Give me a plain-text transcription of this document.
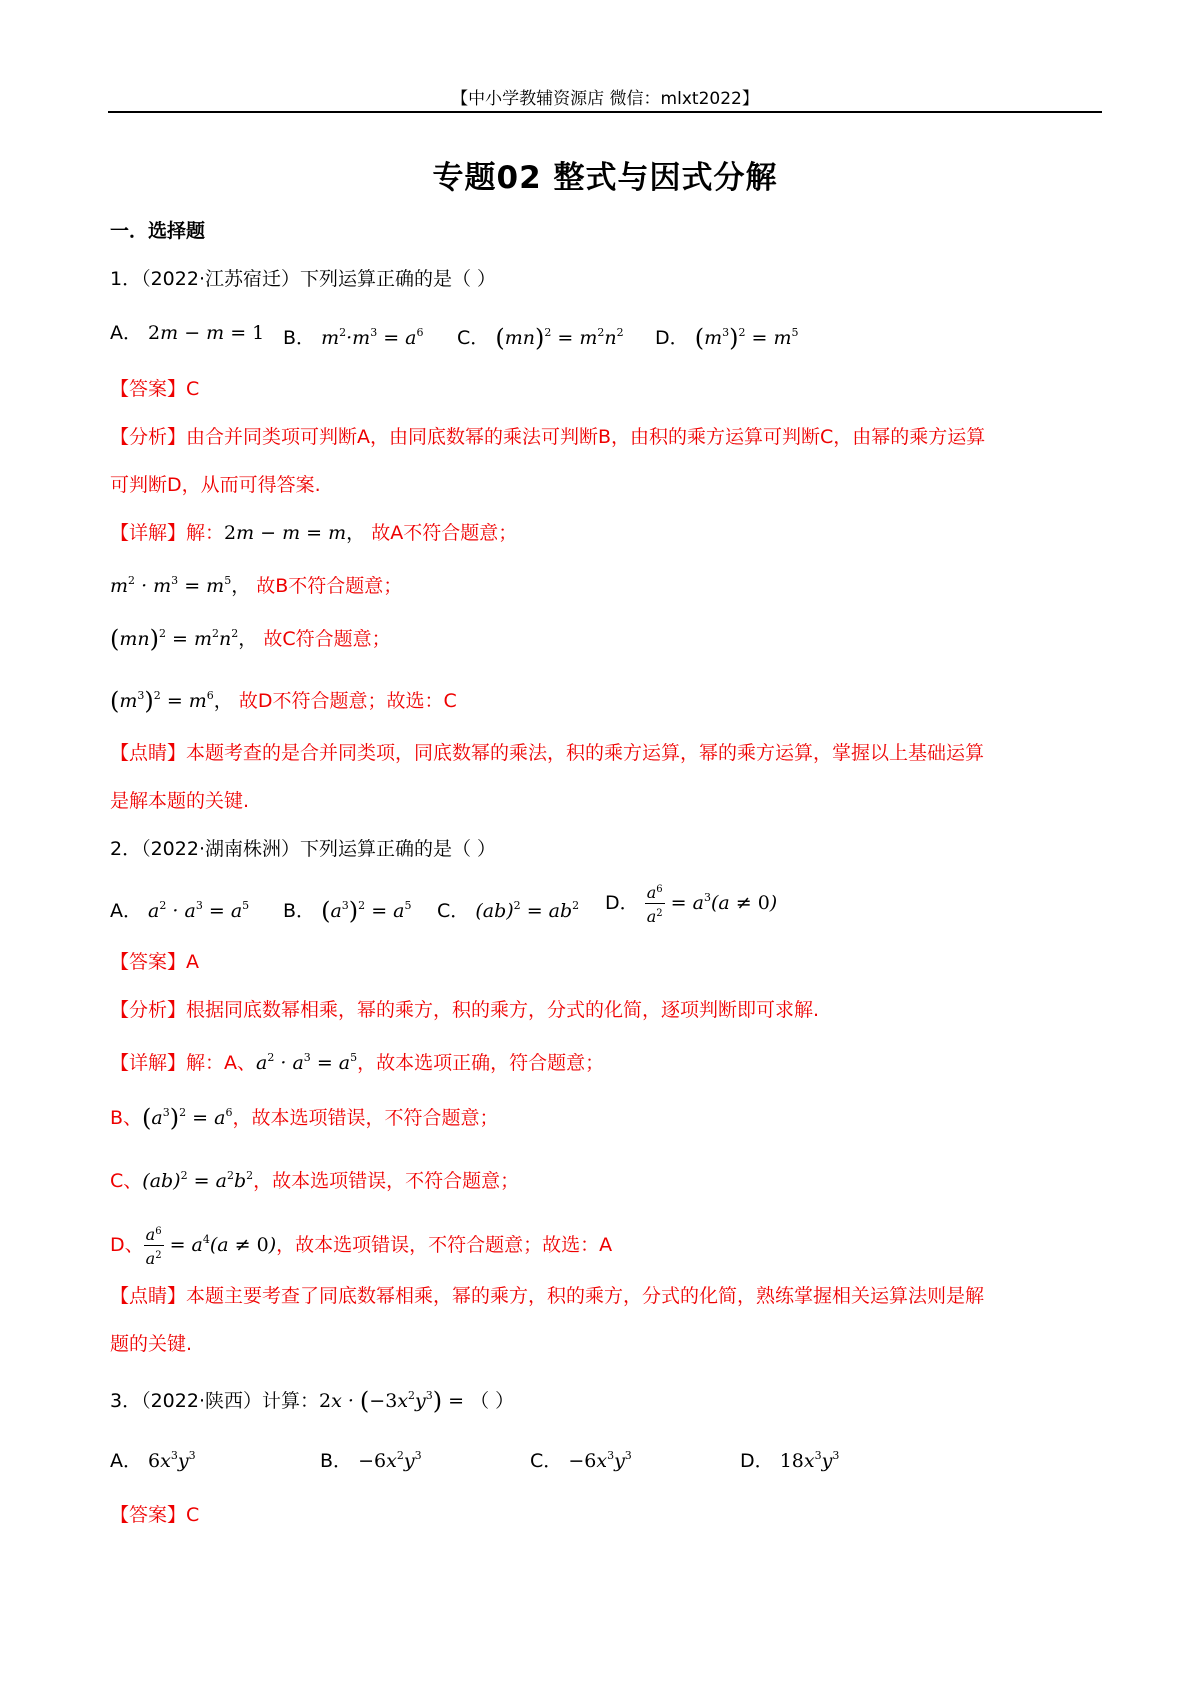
【中小学教辅资源店 微信：mlxt2022】
专题02 整式与因式分解
一．选择题
1．（2022·江苏宿迁）下列运算正确的是（ ）
A． 2m − m = 1 B． $m^2\cdot m^3 = a^6$ C． $(mn)^2 = m^2n^2$ D． $(m^3)^2 = m^5$
【答案】C
【分析】由合并同类项可判断A，由同底数幂的乘法可判断B，由积的乘方运算可判断C，由幂的乘方运算
可判断D，从而可得答案.
【详解】解：2m − m = m， 故A不符合题意；
$m^2 \cdot m^3 = m^5$， 故B不符合题意；
$(mn)^2 = m^2n^2$， 故C符合题意；
$(m^3)^2 = m^6$， 故D不符合题意；故选：C
【点睛】本题考查的是合并同类项，同底数幂的乘法，积的乘方运算，幂的乘方运算，掌握以上基础运算
是解本题的关键.
2．（2022·湖南株洲）下列运算正确的是（ ）
A． $a^2 \cdot a^3 = a^5$ B． $(a^3)^2 = a^5$ C． $(ab)^2 = ab^2$ D． $\frac{a^6}{a^2} = a^3(a \ne 0)$
【答案】A
【分析】根据同底数幂相乘，幂的乘方，积的乘方，分式的化简，逐项判断即可求解.
【详解】解：A、$a^2 \cdot a^3 = a^5$，故本选项正确，符合题意；
B、$(a^3)^2 = a^6$，故本选项错误，不符合题意；
C、$(ab)^2 = a^2b^2$，故本选项错误，不符合题意；
D、 $\frac{a^6}{a^2} = a^4(a \ne 0)$，故本选项错误，不符合题意；故选：A
【点睛】本题主要考查了同底数幂相乘，幂的乘方，积的乘方，分式的化简，熟练掌握相关运算法则是解
题的关键.
3．（2022·陕西）计算：$2x \cdot (-3x^2y^3)$ = （ ）
A． $6x^3y^3$	B． $-6x^2y^3$	C． $-6x^3y^3$	D． $18x^3y^3$
【答案】C
